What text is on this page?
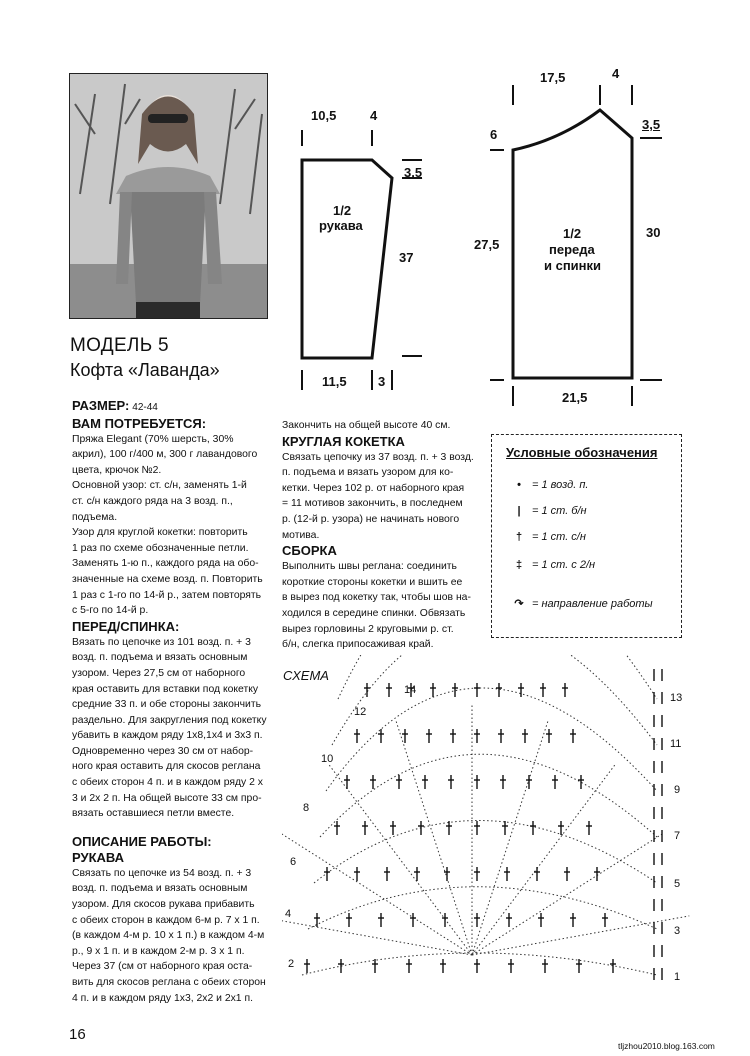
МОДЕЛЬ 5
Кофта «Лаванда»

РАЗМЕР: 42-44

ВАМ ПОТРЕБУЕТСЯ:

Пряжа Elegant (70% шерсть, 30%

акрил), 100 г/400 м, 300 г лавандового

цвета, крючок №2.

Основной узор: ст. с/н, заменять 1-й

ст. с/н каждого ряда на 3 возд. п.,

подъема.

Узор для круглой кокетки: повторить

1 раз по схеме обозначенные петли.

Заменять 1-ю п., каждого ряда на обо-

значенные на схеме возд. п. Повторить

1 раз с 1-го по 14-й р., затем повторять

с 5-го по 14-й р.

ПЕРЕД/СПИНКА:

Вязать по цепочке из 101 возд. п. + 3

возд. п. подъема и вязать основным

узором. Через 27,5 см от наборного

края оставить для вставки под кокетку

средние 33 п. и обе стороны закончить

раздельно. Для закругления под кокетку

убавить в каждом ряду 1х8,1х4 и 3х3 п.

Одновременно через 30 см от набор-

ного края оставить для скосов реглана

с обеих сторон 4 п. и в каждом ряду 2 х

3 и 2х 2 п. На общей высоте 33 см про-

вязать оставшиеся петли вместе.

ОПИСАНИЕ РАБОТЫ:

РУКАВА

Связать по цепочке из 54 возд. п. + 3

возд. п. подъема и вязать основным

узором. Для скосов рукава прибавить

с обеих сторон в каждом 6-м р. 7 х 1 п.

(в каждом 4-м р. 10 х 1 п.) в каждом 4-м

р., 9 х 1 п. и в каждом 2-м р. 3 х 1 п.

Через 37 (см от наборного края оста-

вить для скосов реглана с обеих сторон

4 п. и в каждом ряду 1х3, 2х2 и 2х1 п.

Закончить на общей высоте 40 см.

КРУГЛАЯ КОКЕТКА

Связать цепочку из 37 возд. п. + 3 возд.

п. подъема и вязать узором для ко-

кетки. Через 102 р. от наборного края

= 11 мотивов закончить, в последнем

р. (12-й р. узора) не начинать нового

мотива.

СБОРКА

Выполнить швы реглана: соединить

короткие стороны кокетки и вшить ее

в вырез под кокетку так, чтобы шов на-

ходился в середине спинки. Обвязать

вырез горловины 2 круговыми р. ст.

б/н, слегка припосаживая край.

Условные обозначения
•	= 1 возд. п.
|	= 1 ст. б/н
† = 1 ст. с/н
‡ = 1 ст. с 2/н
↷ = направление работы
10,5	4
3,5
37
11,5 3
1/2
рукава
17,5	4
6
3,5
27,5
30
21,5
1/2
переда
и спинки
СХЕМА
2
4
6
8
10
12
14
1
3
5
7
9
11
13
16
tljzhou2010.blog.163.com
